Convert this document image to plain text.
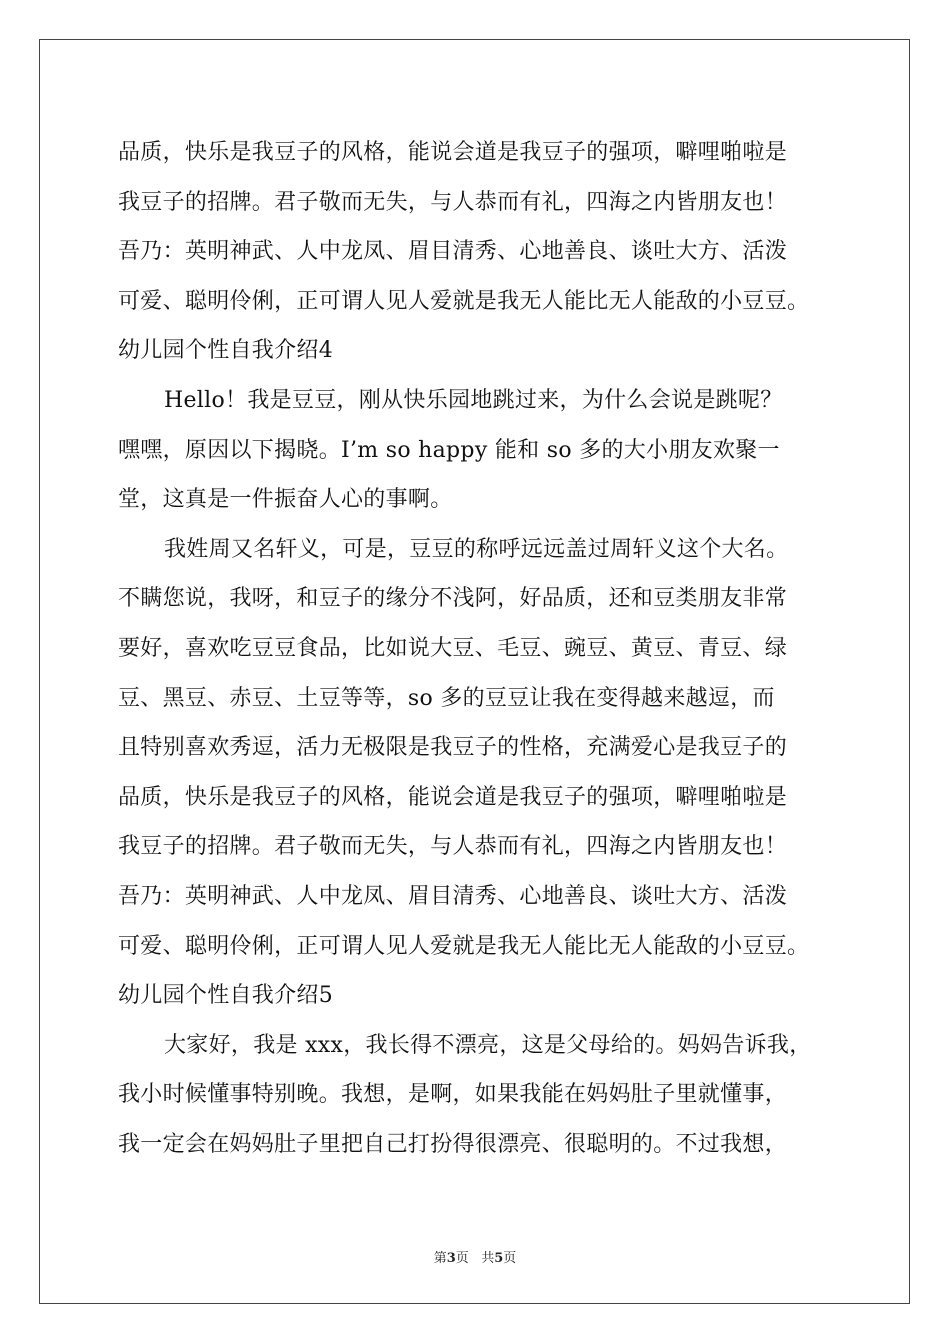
品质，快乐是我豆子的风格，能说会道是我豆子的强项，噼哩啪啦是
我豆子的招牌。君子敬而无失，与人恭而有礼，四海之内皆朋友也！
吾乃：英明神武、人中龙凤、眉目清秀、心地善良、谈吐大方、活泼
可爱、聪明伶俐，正可谓人见人爱就是我无人能比无人能敌的小豆豆。
幼儿园个性自我介绍4
Hello！我是豆豆，刚从快乐园地跳过来，为什么会说是跳呢？
嘿嘿，原因以下揭晓。I’m so happy 能和 so 多的大小朋友欢聚一
堂，这真是一件振奋人心的事啊。
我姓周又名轩义，可是，豆豆的称呼远远盖过周轩义这个大名。
不瞒您说，我呀，和豆子的缘分不浅阿，好品质，还和豆类朋友非常
要好，喜欢吃豆豆食品，比如说大豆、毛豆、豌豆、黄豆、青豆、绿
豆、黑豆、赤豆、土豆等等，so 多的豆豆让我在变得越来越逗，而
且特别喜欢秀逗，活力无极限是我豆子的性格，充满爱心是我豆子的
品质，快乐是我豆子的风格，能说会道是我豆子的强项，噼哩啪啦是
我豆子的招牌。君子敬而无失，与人恭而有礼，四海之内皆朋友也！
吾乃：英明神武、人中龙凤、眉目清秀、心地善良、谈吐大方、活泼
可爱、聪明伶俐，正可谓人见人爱就是我无人能比无人能敌的小豆豆。
幼儿园个性自我介绍5
大家好，我是 xxx，我长得不漂亮，这是父母给的。妈妈告诉我，
我小时候懂事特别晚。我想，是啊，如果我能在妈妈肚子里就懂事，
我一定会在妈妈肚子里把自己打扮得很漂亮、很聪明的。不过我想，
第3页 共5页
